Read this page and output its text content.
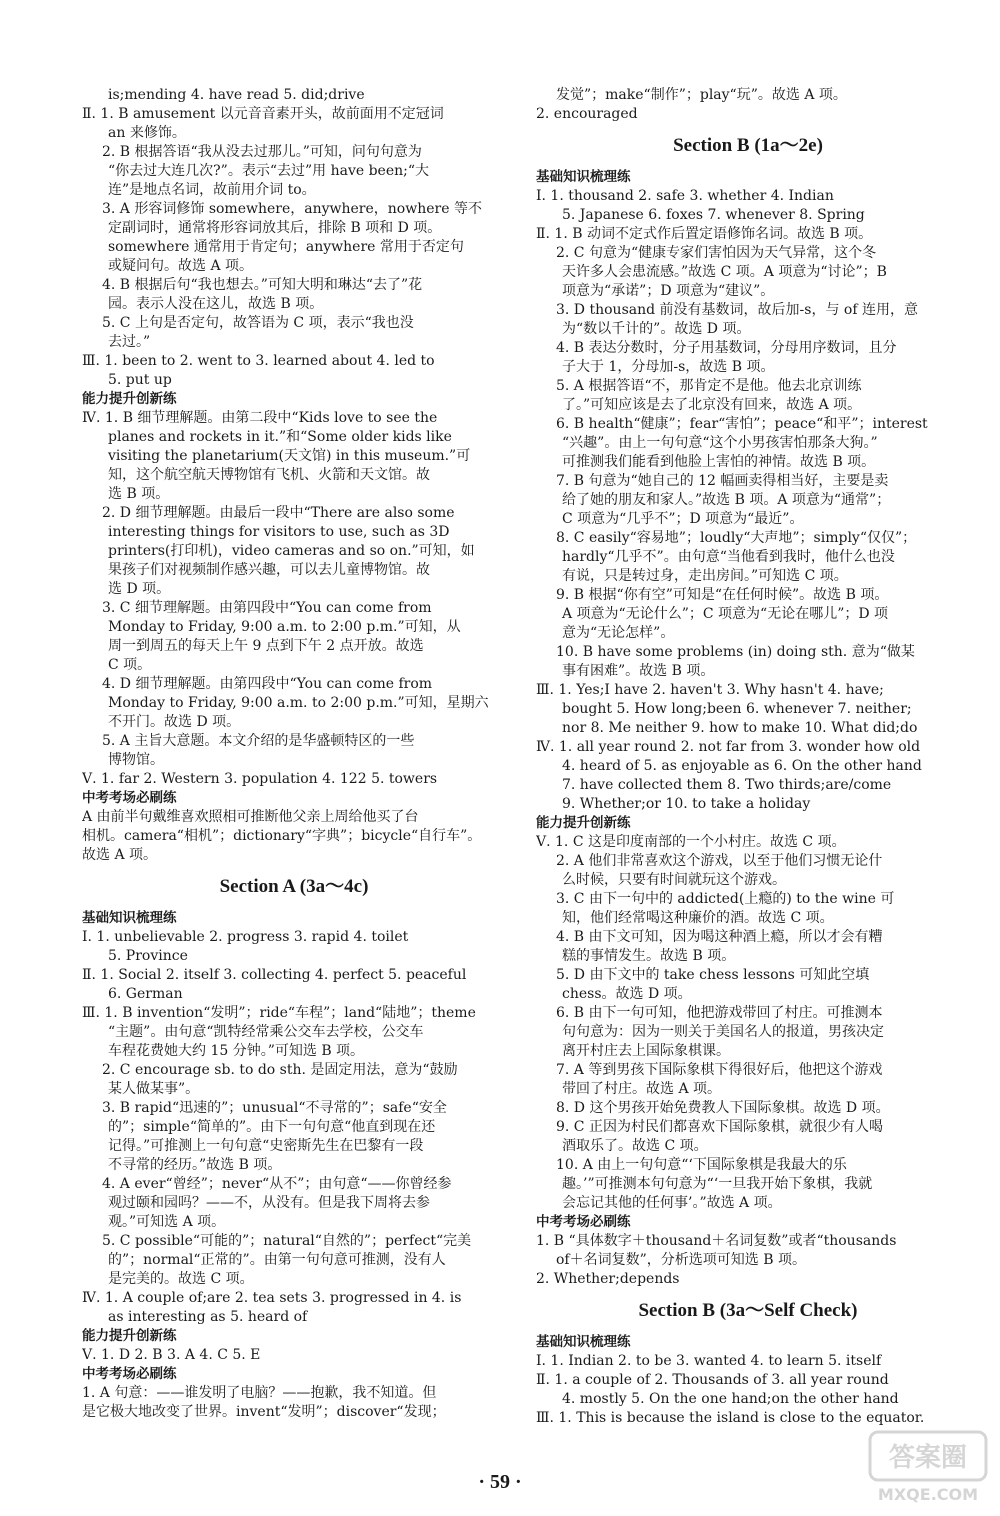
is;mending 4. have read 5. did;drive
Ⅱ. 1. B amusement 以元音音素开头，故前面用不定冠词
an 来修饰。
2. B 根据答语“我从没去过那儿。”可知，问句句意为
“你去过大连几次?”。表示“去过”用 have been;“大
连”是地点名词，故前用介词 to。
3. A 形容词修饰 somewhere，anywhere，nowhere 等不
定副词时，通常将形容词放其后，排除 B 项和 D 项。
somewhere 通常用于肯定句；anywhere 常用于否定句
或疑问句。故选 A 项。
4. B 根据后句“我也想去。”可知大明和琳达“去了”花
园。表示人没在这儿，故选 B 项。
5. C 上句是否定句，故答语为 C 项，表示“我也没
去过。”
Ⅲ. 1. been to 2. went to 3. learned about 4. led to
5. put up
能力提升创新练
Ⅳ. 1. B 细节理解题。由第二段中“Kids love to see the
planes and rockets in it.”和“Some older kids like
visiting the planetarium(天文馆) in this museum.”可
知，这个航空航天博物馆有飞机、火箭和天文馆。故
选 B 项。
2. D 细节理解题。由最后一段中“There are also some
interesting things for visitors to use, such as 3D
printers(打印机)，video cameras and so on.”可知，如
果孩子们对视频制作感兴趣，可以去儿童博物馆。故
选 D 项。
3. C 细节理解题。由第四段中“You can come from
Monday to Friday, 9:00 a.m. to 2:00 p.m.”可知，从
周一到周五的每天上午 9 点到下午 2 点开放。故选
C 项。
4. D 细节理解题。由第四段中“You can come from
Monday to Friday, 9:00 a.m. to 2:00 p.m.”可知，星期六
不开门。故选 D 项。
5. A 主旨大意题。本文介绍的是华盛顿特区的一些
博物馆。
Ⅴ. 1. far 2. Western 3. population 4. 122 5. towers
中考考场必刷练
A 由前半句戴维喜欢照相可推断他父亲上周给他买了台
相机。camera“相机”；dictionary“字典”；bicycle“自行车”。
故选 A 项。
Section A (3a～4c)
基础知识梳理练
Ⅰ. 1. unbelievable 2. progress 3. rapid 4. toilet
5. Province
Ⅱ. 1. Social 2. itself 3. collecting 4. perfect 5. peaceful
6. German
Ⅲ. 1. B invention“发明”；ride“车程”；land“陆地”；theme
“主题”。由句意“凯特经常乘公交车去学校，公交车
车程花费她大约 15 分钟。”可知选 B 项。
2. C encourage sb. to do sth. 是固定用法，意为“鼓励
某人做某事”。
3. B rapid“迅速的”；unusual“不寻常的”；safe“安全
的”；simple“简单的”。由下一句句意“他直到现在还
记得。”可推测上一句句意“史密斯先生在巴黎有一段
不寻常的经历。”故选 B 项。
4. A ever“曾经”；never“从不”；由句意“——你曾经参
观过颐和园吗？——不，从没有。但是我下周将去参
观。”可知选 A 项。
5. C possible“可能的”；natural“自然的”；perfect“完美
的”；normal“正常的”。由第一句句意可推测，没有人
是完美的。故选 C 项。
Ⅳ. 1. A couple of;are 2. tea sets 3. progressed in 4. is
as interesting as 5. heard of
能力提升创新练
Ⅴ. 1. D 2. B 3. A 4. C 5. E
中考考场必刷练
1. A 句意：——谁发明了电脑？——抱歉，我不知道。但
是它极大地改变了世界。invent“发明”；discover“发现；
发觉”；make“制作”；play“玩”。故选 A 项。
2. encouraged
Section B (1a～2e)
基础知识梳理练
Ⅰ. 1. thousand 2. safe 3. whether 4. Indian
5. Japanese 6. foxes 7. whenever 8. Spring
Ⅱ. 1. B 动词不定式作后置定语修饰名词。故选 B 项。
2. C 句意为“健康专家们害怕因为天气异常，这个冬
天许多人会患流感。”故选 C 项。A 项意为“讨论”；B
项意为“承诺”；D 项意为“建议”。
3. D thousand 前没有基数词，故后加-s，与 of 连用，意
为“数以千计的”。故选 D 项。
4. B 表达分数时，分子用基数词，分母用序数词，且分
子大于 1，分母加-s，故选 B 项。
5. A 根据答语“不，那肯定不是他。他去北京训练
了。”可知应该是去了北京没有回来，故选 A 项。
6. B health“健康”；fear“害怕”；peace“和平”；interest
“兴趣”。由上一句句意“这个小男孩害怕那条大狗。”
可推测我们能看到他脸上害怕的神情。故选 B 项。
7. B 句意为“她自己的 12 幅画卖得相当好，主要是卖
给了她的朋友和家人。”故选 B 项。A 项意为“通常”；
C 项意为“几乎不”；D 项意为“最近”。
8. C easily“容易地”；loudly“大声地”；simply“仅仅”；
hardly“几乎不”。由句意“当他看到我时，他什么也没
有说，只是转过身，走出房间。”可知选 C 项。
9. B 根据“你有空”可知是“在任何时候”。故选 B 项。
A 项意为“无论什么”；C 项意为“无论在哪儿”；D 项
意为“无论怎样”。
10. B have some problems (in) doing sth. 意为“做某
事有困难”。故选 B 项。
Ⅲ. 1. Yes;I have 2. haven't 3. Why hasn't 4. have;
bought 5. How long;been 6. whenever 7. neither;
nor 8. Me neither 9. how to make 10. What did;do
Ⅳ. 1. all year round 2. not far from 3. wonder how old
4. heard of 5. as enjoyable as 6. On the other hand
7. have collected them 8. Two thirds;are/come
9. Whether;or 10. to take a holiday
能力提升创新练
Ⅴ. 1. C 这是印度南部的一个小村庄。故选 C 项。
2. A 他们非常喜欢这个游戏，以至于他们习惯无论什
么时候，只要有时间就玩这个游戏。
3. C 由下一句中的 addicted(上瘾的) to the wine 可
知，他们经常喝这种廉价的酒。故选 C 项。
4. B 由下文可知，因为喝这种酒上瘾，所以才会有糟
糕的事情发生。故选 B 项。
5. D 由下文中的 take chess lessons 可知此空填
chess。故选 D 项。
6. B 由下一句可知，他把游戏带回了村庄。可推测本
句句意为：因为一则关于美国名人的报道，男孩决定
离开村庄去上国际象棋课。
7. A 等到男孩下国际象棋下得很好后，他把这个游戏
带回了村庄。故选 A 项。
8. D 这个男孩开始免费教人下国际象棋。故选 D 项。
9. C 正因为村民们都喜欢下国际象棋，就很少有人喝
酒取乐了。故选 C 项。
10. A 由上一句句意“‘下国际象棋是我最大的乐
趣。’”可推测本句句意为“‘一旦我开始下象棋，我就
会忘记其他的任何事’。”故选 A 项。
中考考场必刷练
1. B “具体数字＋thousand＋名词复数”或者“thousands
of＋名词复数”，分析选项可知选 B 项。
2. Whether;depends
Section B (3a～Self Check)
基础知识梳理练
Ⅰ. 1. Indian 2. to be 3. wanted 4. to learn 5. itself
Ⅱ. 1. a couple of 2. Thousands of 3. all year round
4. mostly 5. On the one hand;on the other hand
Ⅲ. 1. This is because the island is close to the equator.
· 59 ·
答案圈
MXQE.COM
